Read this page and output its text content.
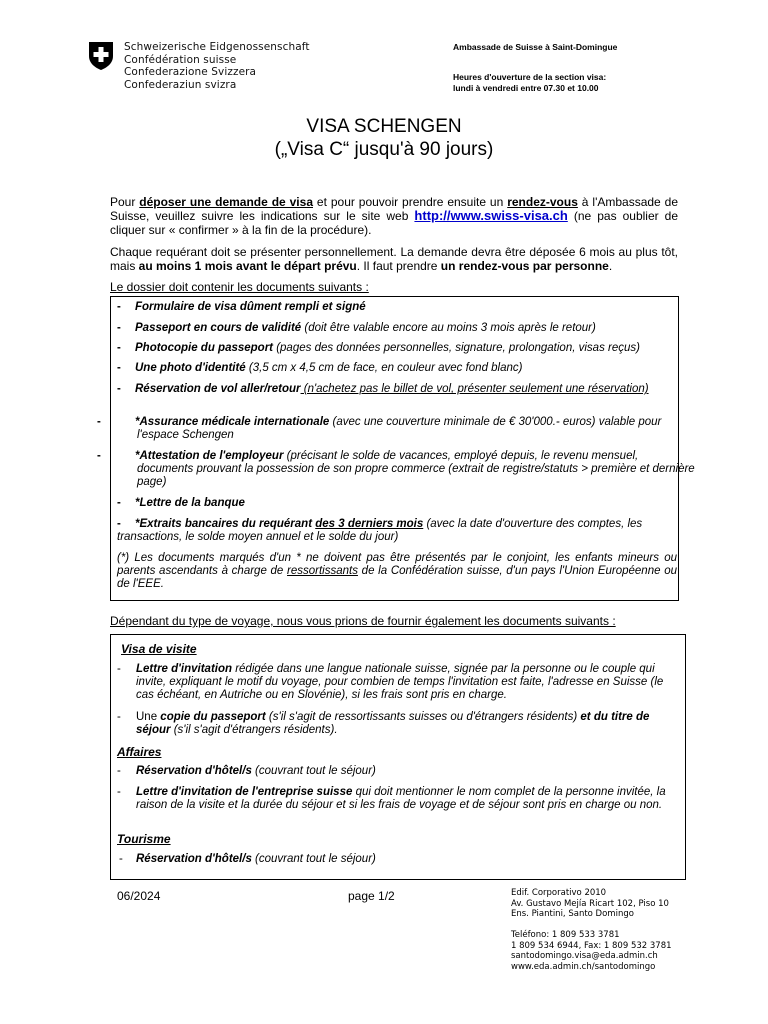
Schweizerische Eidgenossenschaft
Confédération suisse
Confederazione Svizzera
Confederaziun svizra
Ambassade de Suisse à Saint-Domingue
Heures d'ouverture de la section visa:
lundi à vendredi entre 07.30 et 10.00
VISA SCHENGEN
(„Visa C“ jusqu'à 90 jours)
Pour déposer une demande de visa et pour pouvoir prendre ensuite un rendez-vous à l'Ambassade de Suisse, veuillez suivre les indications sur le site web http://www.swiss-visa.ch (ne pas oublier de cliquer sur « confirmer » à la fin de la procédure).
Chaque requérant doit se présenter personnellement. La demande devra être déposée 6 mois au plus tôt, mais au moins 1 mois avant le départ prévu. Il faut prendre un rendez-vous par personne.
Le dossier doit contenir les documents suivants :
- Formulaire de visa dûment rempli et signé
- Passeport en cours de validité (doit être valable encore au moins 3 mois après le retour)
- Photocopie du passeport (pages des données personnelles, signature, prolongation, visas reçus)
- Une photo d'identité (3,5 cm x 4,5 cm de face, en couleur avec fond blanc)
- Réservation de vol aller/retour (n'achetez pas le billet de vol, présenter seulement une réservation)
-	*Assurance médicale internationale (avec une couverture minimale de € 30'000.- euros) valable pour l'espace Schengen
-	*Attestation de l'employeur (précisant le solde de vacances, employé depuis, le revenu mensuel, documents prouvant la possession de son propre commerce (extrait de registre/statuts > première et dernière page)
- *Lettre de la banque
- *Extraits bancaires du requérant des 3 derniers mois (avec la date d'ouverture des comptes, les transactions, le solde moyen annuel et le solde du jour)
(*) Les documents marqués d'un * ne doivent pas être présentés par le conjoint, les enfants mineurs ou parents ascendants à charge de ressortissants de la Confédération suisse, d'un pays l'Union Européenne ou de l'EEE.
Dépendant du type de voyage, nous vous prions de fournir également les documents suivants :
Visa de visite
-	Lettre d'invitation rédigée dans une langue nationale suisse, signée par la personne ou le couple qui invite, expliquant le motif du voyage, pour combien de temps l'invitation est faite, l'adresse en Suisse (le cas échéant, en Autriche ou en Slovénie), si les frais sont pris en charge.
-	Une copie du passeport (s'il s'agit de ressortissants suisses ou d'étrangers résidents) et du titre de séjour (s'il s'agit d'étrangers résidents).
Affaires
-	Réservation d'hôtel/s (couvrant tout le séjour)
-	Lettre d'invitation de l'entreprise suisse qui doit mentionner le nom complet de la personne invitée, la raison de la visite et la durée du séjour et si les frais de voyage et de séjour sont pris en charge ou non.
Tourisme
-	Réservation d'hôtel/s (couvrant tout le séjour)
06/2024	page 1/2	Edif. Corporativo 2010
Av. Gustavo Mejía Ricart 102, Piso 10
Ens. Piantini, Santo Domingo
Teléfono: 1 809 533 3781
1 809 534 6944, Fax: 1 809 532 3781
santodomingo.visa@eda.admin.ch
www.eda.admin.ch/santodomingo
